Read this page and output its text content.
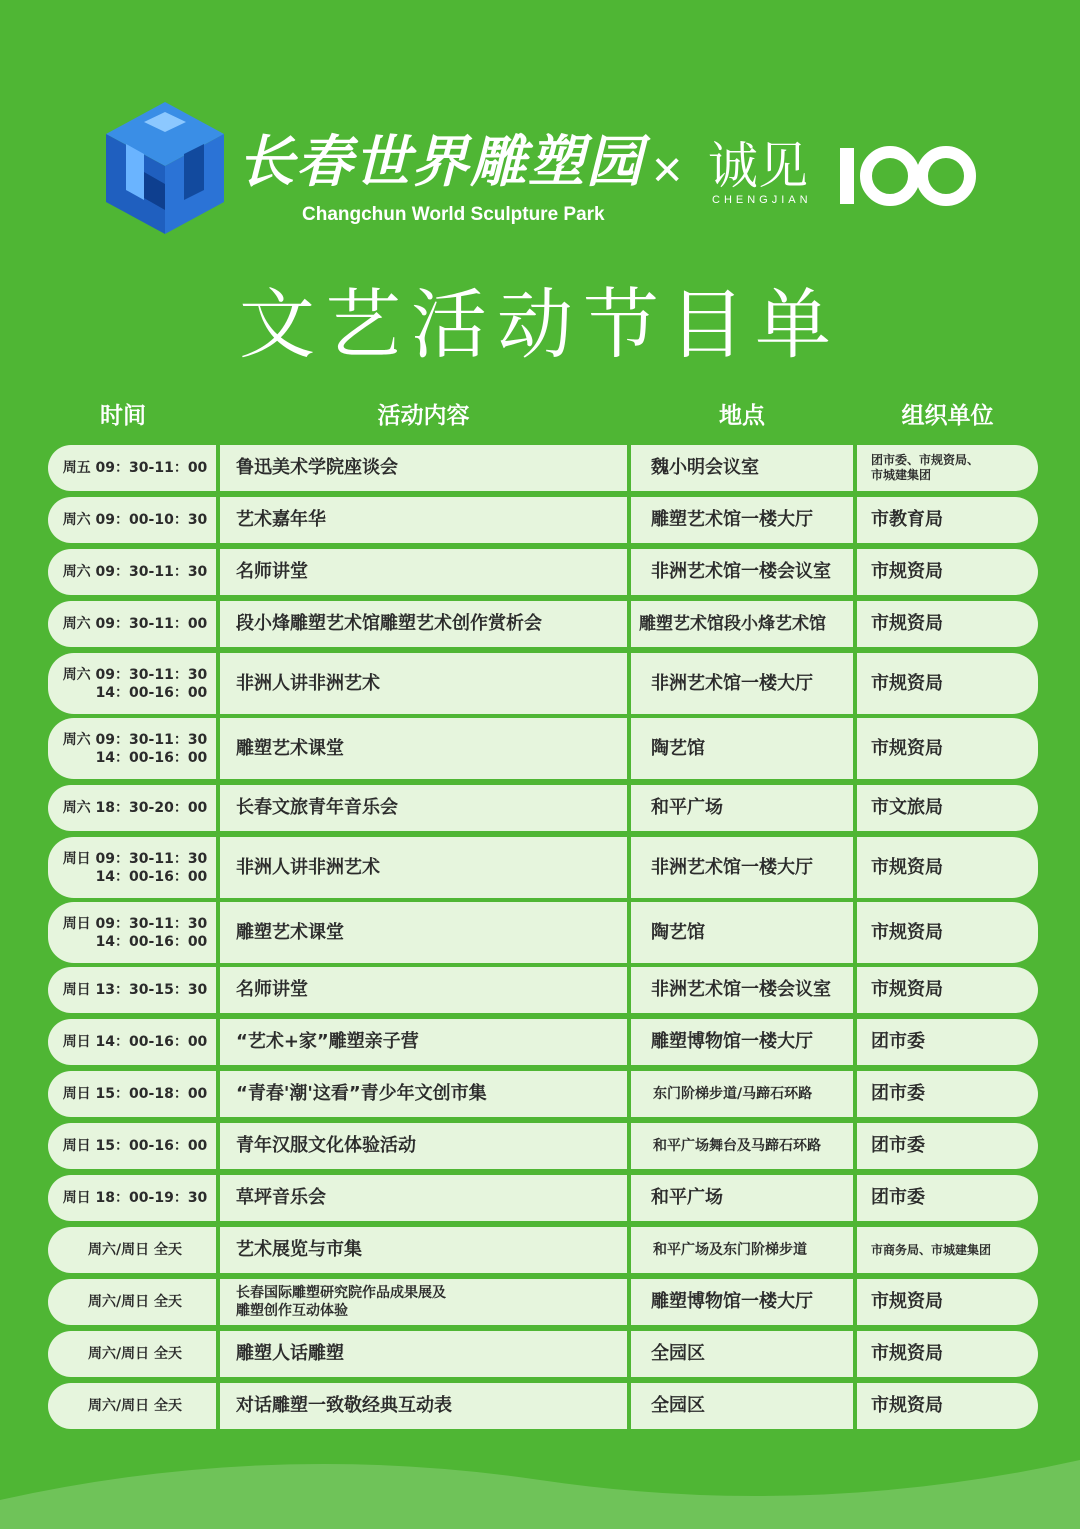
长春世界雕塑园
Changchun World Sculpture Park
× 诚见
CHENGJIAN
文艺活动节目单
时间	活动内容	地点	组织单位
周五 09：30-11：00 鲁迅美术学院座谈会	魏小明会议室	团市委、市规资局、
市城建集团
周六 09：00-10：30 艺术嘉年华	雕塑艺术馆一楼大厅	市教育局
周六 09：30-11：30 名师讲堂	非洲艺术馆一楼会议室 市规资局
周六 09：30-11：00 段小烽雕塑艺术馆雕塑艺术创作赏析会	雕塑艺术馆段小烽艺术馆	市规资局
周六 09：30-11：30
14：00-16：00 非洲人讲非洲艺术	非洲艺术馆一楼大厅	市规资局
周六 09：30-11：30
14：00-16：00 雕塑艺术课堂	陶艺馆	市规资局
周六 18：30-20：00 长春文旅青年音乐会	和平广场	市文旅局
周日 09：30-11：30
14：00-16：00 非洲人讲非洲艺术	非洲艺术馆一楼大厅	市规资局
周日 09：30-11：30
14：00-16：00 雕塑艺术课堂	陶艺馆	市规资局
周日 13：30-15：30 名师讲堂	非洲艺术馆一楼会议室 市规资局
周日 14：00-16：00 “艺术+家”雕塑亲子营	雕塑博物馆一楼大厅	团市委
周日 15：00-18：00 “青春'潮'这看”青少年文创市集	东门阶梯步道/马蹄石环路	团市委
周日 15：00-16：00 青年汉服文化体验活动	和平广场舞台及马蹄石环路	团市委
周日 18：00-19：30 草坪音乐会	和平广场	团市委
周六/周日 全天	艺术展览与市集	和平广场及东门阶梯步道	市商务局、市城建集团
周六/周日 全天
长春国际雕塑研究院作品成果展及
雕塑创作互动体验	雕塑博物馆一楼大厅	市规资局
周六/周日 全天	雕塑人话雕塑	全园区	市规资局
周六/周日 全天	对话雕塑一致敬经典互动表	全园区	市规资局
